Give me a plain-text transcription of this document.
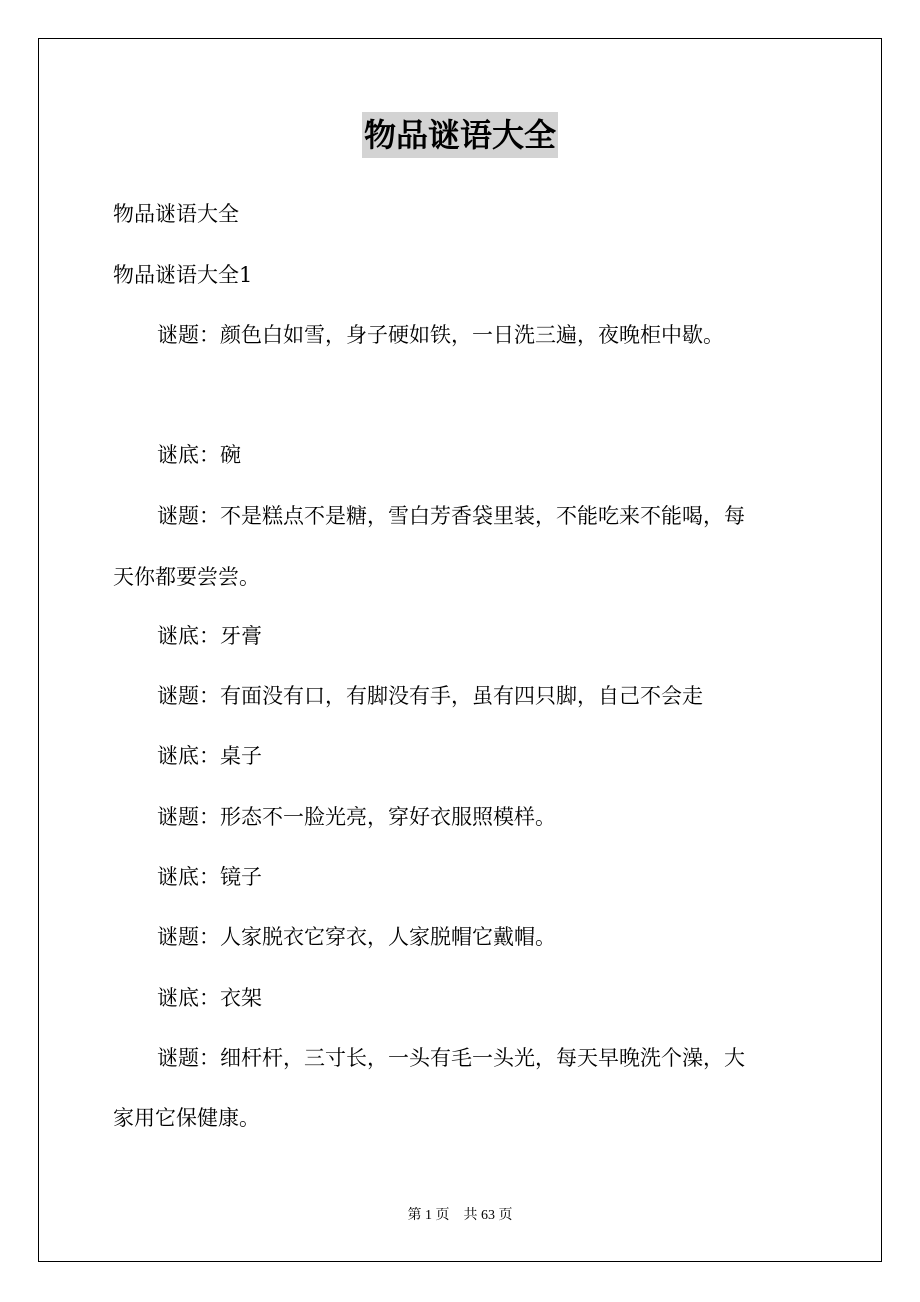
物品谜语大全
物品谜语大全
物品谜语大全1
谜题：颜色白如雪，身子硬如铁，一日洗三遍，夜晚柜中歇。
谜底：碗
谜题：不是糕点不是糖，雪白芳香袋里装，不能吃来不能喝，每
天你都要尝尝。
谜底：牙膏
谜题：有面没有口，有脚没有手，虽有四只脚，自己不会走
谜底：桌子
谜题：形态不一脸光亮，穿好衣服照模样。
谜底：镜子
谜题：人家脱衣它穿衣，人家脱帽它戴帽。
谜底：衣架
谜题：细杆杆，三寸长，一头有毛一头光，每天早晚洗个澡，大
家用它保健康。
第 1 页　共 63 页
